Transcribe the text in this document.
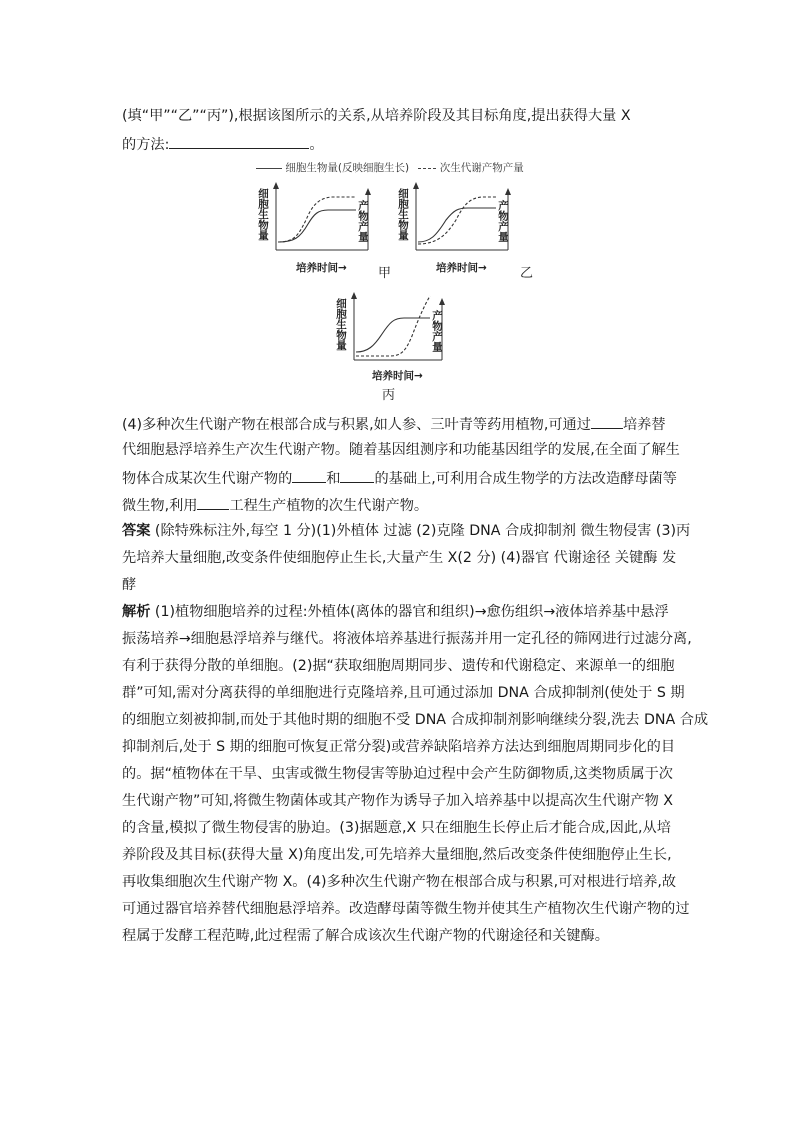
(填“甲”“乙”“丙”),根据该图所示的关系,从培养阶段及其目标角度,提出获得大量 X
的方法:	。
细胞生物量(反映细胞生长)	次生代谢产物产量
细胞生物量	产物产量
培养时间→ 甲
细胞生物量	产物产量
培养时间→	乙
细胞生物量	产物产量
培养时间→
丙
(4)多种次生代谢产物在根部合成与积累,如人参、三叶青等药用植物,可通过 培养替
代细胞悬浮培养生产次生代谢产物。随着基因组测序和功能基因组学的发展,在全面了解生
物体合成某次生代谢产物的 和 的基础上,可利用合成生物学的方法改造酵母菌等
微生物,利用 工程生产植物的次生代谢产物。
答案 (除特殊标注外,每空 1 分)(1)外植体 过滤 (2)克隆 DNA 合成抑制剂 微生物侵害 (3)丙
先培养大量细胞,改变条件使细胞停止生长,大量产生 X(2 分) (4)器官 代谢途径 关键酶 发
酵
解析 (1)植物细胞培养的过程:外植体(离体的器官和组织)→愈伤组织→液体培养基中悬浮
振荡培养→细胞悬浮培养与继代。将液体培养基进行振荡并用一定孔径的筛网进行过滤分离,
有利于获得分散的单细胞。(2)据“获取细胞周期同步、遗传和代谢稳定、来源单一的细胞
群”可知,需对分离获得的单细胞进行克隆培养,且可通过添加 DNA 合成抑制剂(使处于 S 期
的细胞立刻被抑制,而处于其他时期的细胞不受 DNA 合成抑制剂影响继续分裂,洗去 DNA 合成
抑制剂后,处于 S 期的细胞可恢复正常分裂)或营养缺陷培养方法达到细胞周期同步化的目
的。据“植物体在干旱、虫害或微生物侵害等胁迫过程中会产生防御物质,这类物质属于次
生代谢产物”可知,将微生物菌体或其产物作为诱导子加入培养基中以提高次生代谢产物 X
的含量,模拟了微生物侵害的胁迫。(3)据题意,X 只在细胞生长停止后才能合成,因此,从培
养阶段及其目标(获得大量 X)角度出发,可先培养大量细胞,然后改变条件使细胞停止生长,
再收集细胞次生代谢产物 X。(4)多种次生代谢产物在根部合成与积累,可对根进行培养,故
可通过器官培养替代细胞悬浮培养。改造酵母菌等微生物并使其生产植物次生代谢产物的过
程属于发酵工程范畴,此过程需了解合成该次生代谢产物的代谢途径和关键酶。
